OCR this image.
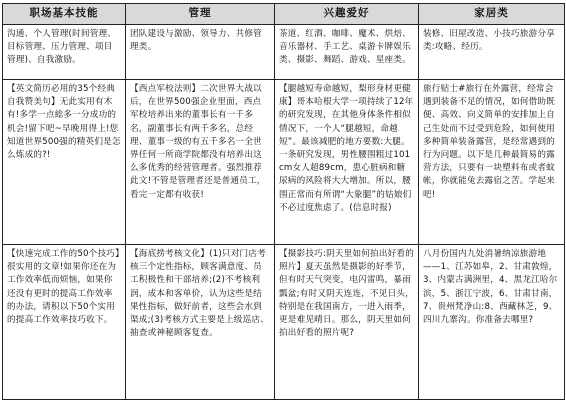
职场基本技能	管理	兴趣爱好	家居类

沟通、个人管理(时间管理、目标管理、压力管理、项目管理)、自我激励。	团队建设与激励、领导力、共修管理类。	茶道、红酒、咖啡、魔术、烘焙、音乐器材、手工艺、桌游卡牌娱乐类、摄影、舞蹈、游戏、星座类。	装修、旧屋改造、小技巧旅游分享类:攻略、经历。

【英文简历必用的35个经典自我赞美句】无此实用有木有!多学一点総多一分成功的机会!留下吧~早晚用得上!您知道世界500强的精英们是怎么炼成的?!	【西点军校法则】二次世界大战以后，在世界500强企业里面，西点军校培养出来的董事长有一千多名，副董事长有两千多名，总经理、董事一级的有五千多名一全世界任何一所商学院都没有培养出这么多优秀的经营管理者。强烈推荐此文!不管是管理者还是普通员工，看完一定都有收获!	【腿越短寿命越短，梨形身材更健康】哥本哈根大学一项持续了12年的研究发现，在其他身体条件相似情况下，一个人“腿越短，命越短”。最该减肥的地方要数:大腿。一条研究发现，男性腰围粗过101cm女人超89cm，患心脏病和糖尿病的风险将大大增加。所以，腰围正常而有所谓“大象腿”的姑娘们不必过度焦虑了。(信息时报)	旅行贴士#旅行在外露营，经常会遇到装备不足的情况，如何借助既便、高效、向义简单的安排加上自己生处而不过受到危险，如何使用多种简单装备露营，是经常遇到的行为问题。以下是几种最简易的露营方法，只要有一块塑料布或者蚊帐，你就能兔去露宿之苦。学起来吧!

【快速完成工作的50个技巧】很实用的文章!如果你还在为工作效率低而烦恼，如果你还没有更时的提高工作效率的办法，请积以下50个实用的提高工作效率技巧收下。	【海底捞考核文化】(1)只对门店考核三个定性指标，顾客满意度、员工积极性和干部培养;(2)不考核利润，成本和客单价，认为这些是结果性指标，做好前者，这些会水到渠成;(3)考核方式主要是上级巡店、抽查或神秘顾客复查。	【摄影技巧:阴天里如何拍出好看的照片】夏天虽然是摄影的好季节，但有时天气突变，电闪雷鸣，暴雨瓢盆;有时又阴天连连，不见日头，特别是在我国南方，一进入雨季，更是难见晴日。那么，阴天里如何拍出好看的照片呢?	八月份国内九处消暑纳凉旅游地——1、江苏如皋，2、甘肃敦煌，3、内蒙古满洲里，4、黑龙江哈尔滨，5、浙江宁波，6、甘肃甘南，7、贵州梵净山:8、西藏林芝，9、四川九寨沟。你准备去哪里?
